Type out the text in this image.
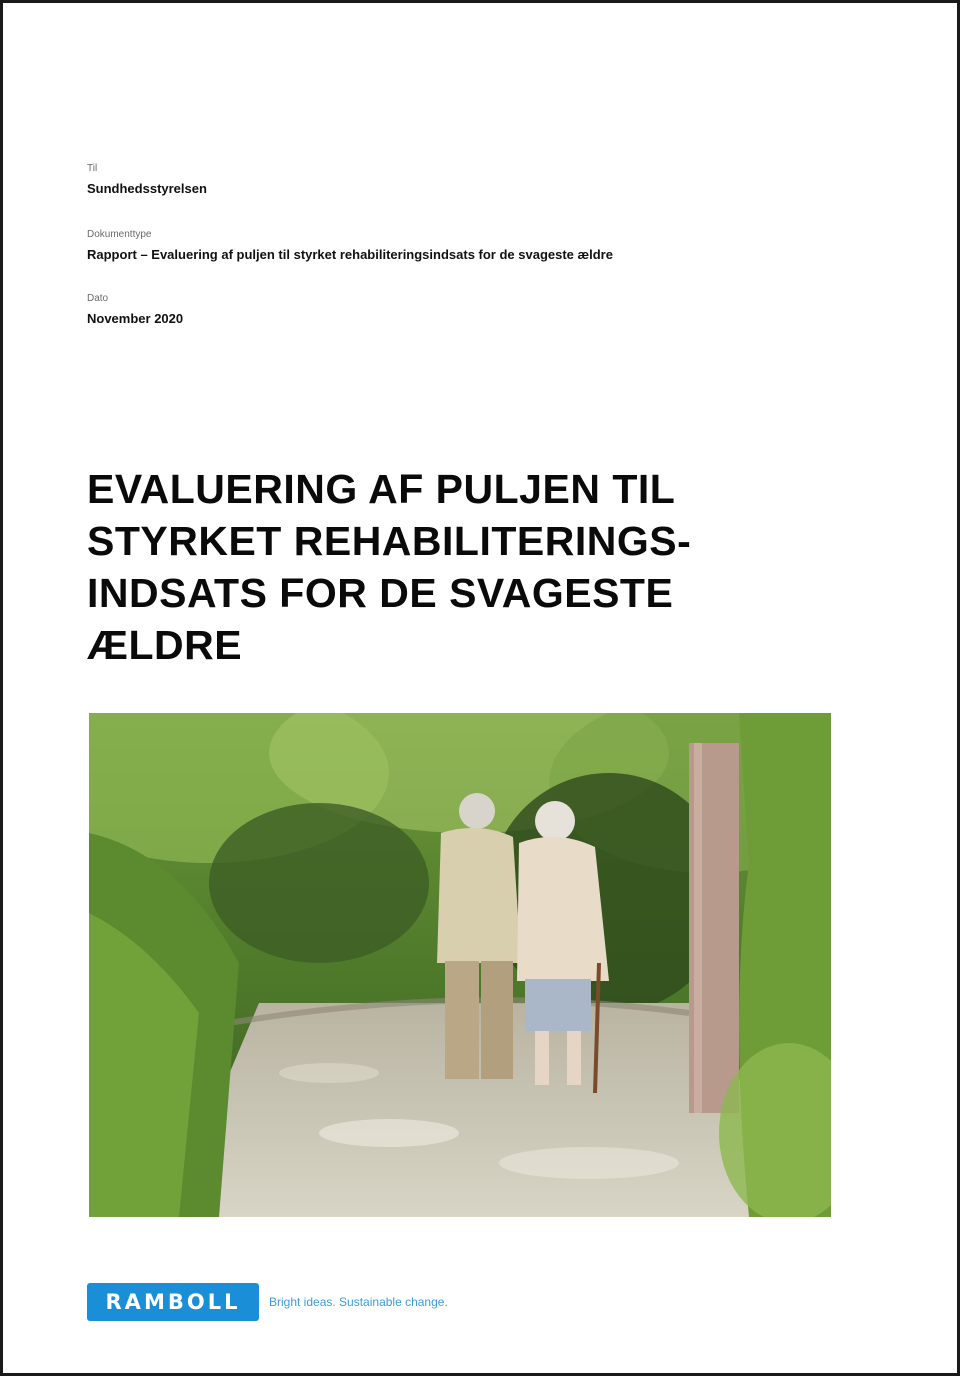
Til

Sundhedsstyrelsen

Dokumenttype

Rapport – Evaluering af puljen til styrket rehabiliteringsindsats for de svageste ældre

Dato

November 2020

EVALUERING AF PULJEN TIL
STYRKET REHABILITERINGS-
INDSATS FOR DE SVAGESTE
ÆLDRE
RAMBOLL	Bright ideas. Sustainable change.
